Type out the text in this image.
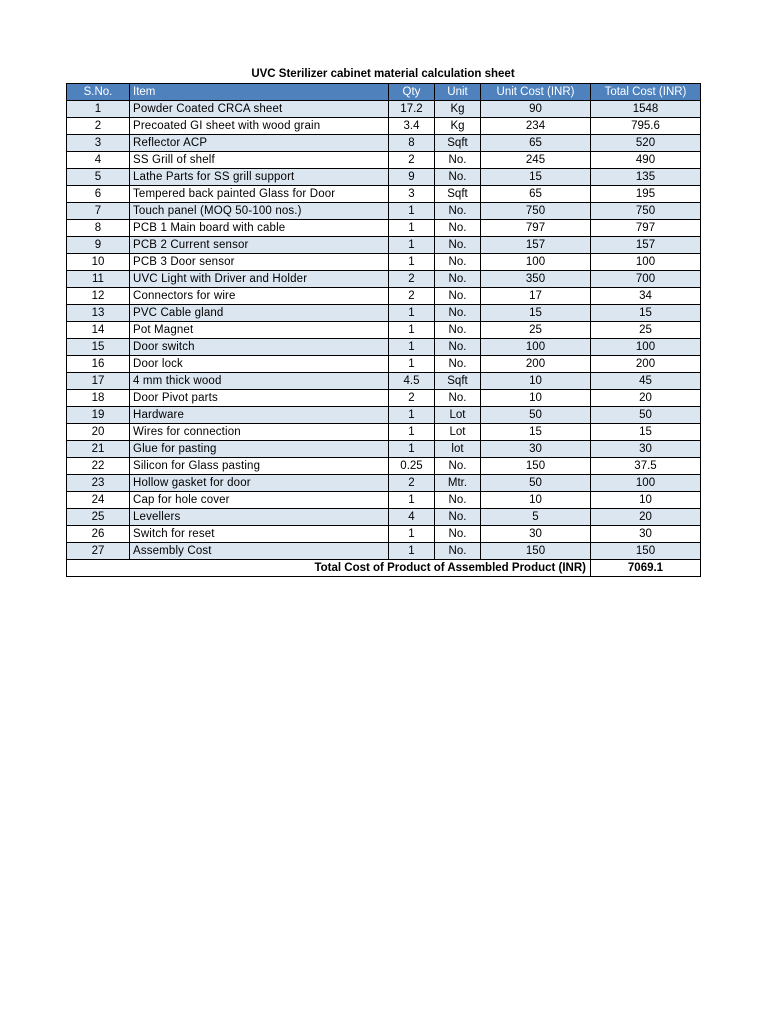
UVC Sterilizer cabinet material calculation sheet
S.No.	Item	Qty	Unit	Unit Cost (INR)	Total Cost (INR)
1	Powder Coated CRCA sheet	17.2	Kg	90	1548
2	Precoated GI sheet with wood grain	3.4	Kg	234	795.6
3	Reflector ACP	8	Sqft	65	520
4	SS Grill of shelf	2	No.	245	490
5	Lathe Parts for SS grill support	9	No.	15	135
6	Tempered back painted Glass for Door	3	Sqft	65	195
7	Touch panel (MOQ 50-100 nos.)	1	No.	750	750
8	PCB 1 Main board with cable	1	No.	797	797
9	PCB 2 Current sensor	1	No.	157	157
10	PCB 3 Door sensor	1	No.	100	100
11	UVC Light with Driver and Holder	2	No.	350	700
12	Connectors for wire	2	No.	17	34
13	PVC Cable gland	1	No.	15	15
14	Pot Magnet	1	No.	25	25
15	Door switch	1	No.	100	100
16	Door lock	1	No.	200	200
17	4 mm thick wood	4.5	Sqft	10	45
18	Door Pivot parts	2	No.	10	20
19	Hardware	1	Lot	50	50
20	Wires for connection	1	Lot	15	15
21	Glue for pasting	1	lot	30	30
22	Silicon for Glass pasting	0.25	No.	150	37.5
23	Hollow gasket for door	2	Mtr.	50	100
24	Cap for hole cover	1	No.	10	10
25	Levellers	4	No.	5	20
26	Switch for reset	1	No.	30	30
27	Assembly Cost	1	No.	150	150
Total Cost of Product of Assembled Product (INR)					7069.1
